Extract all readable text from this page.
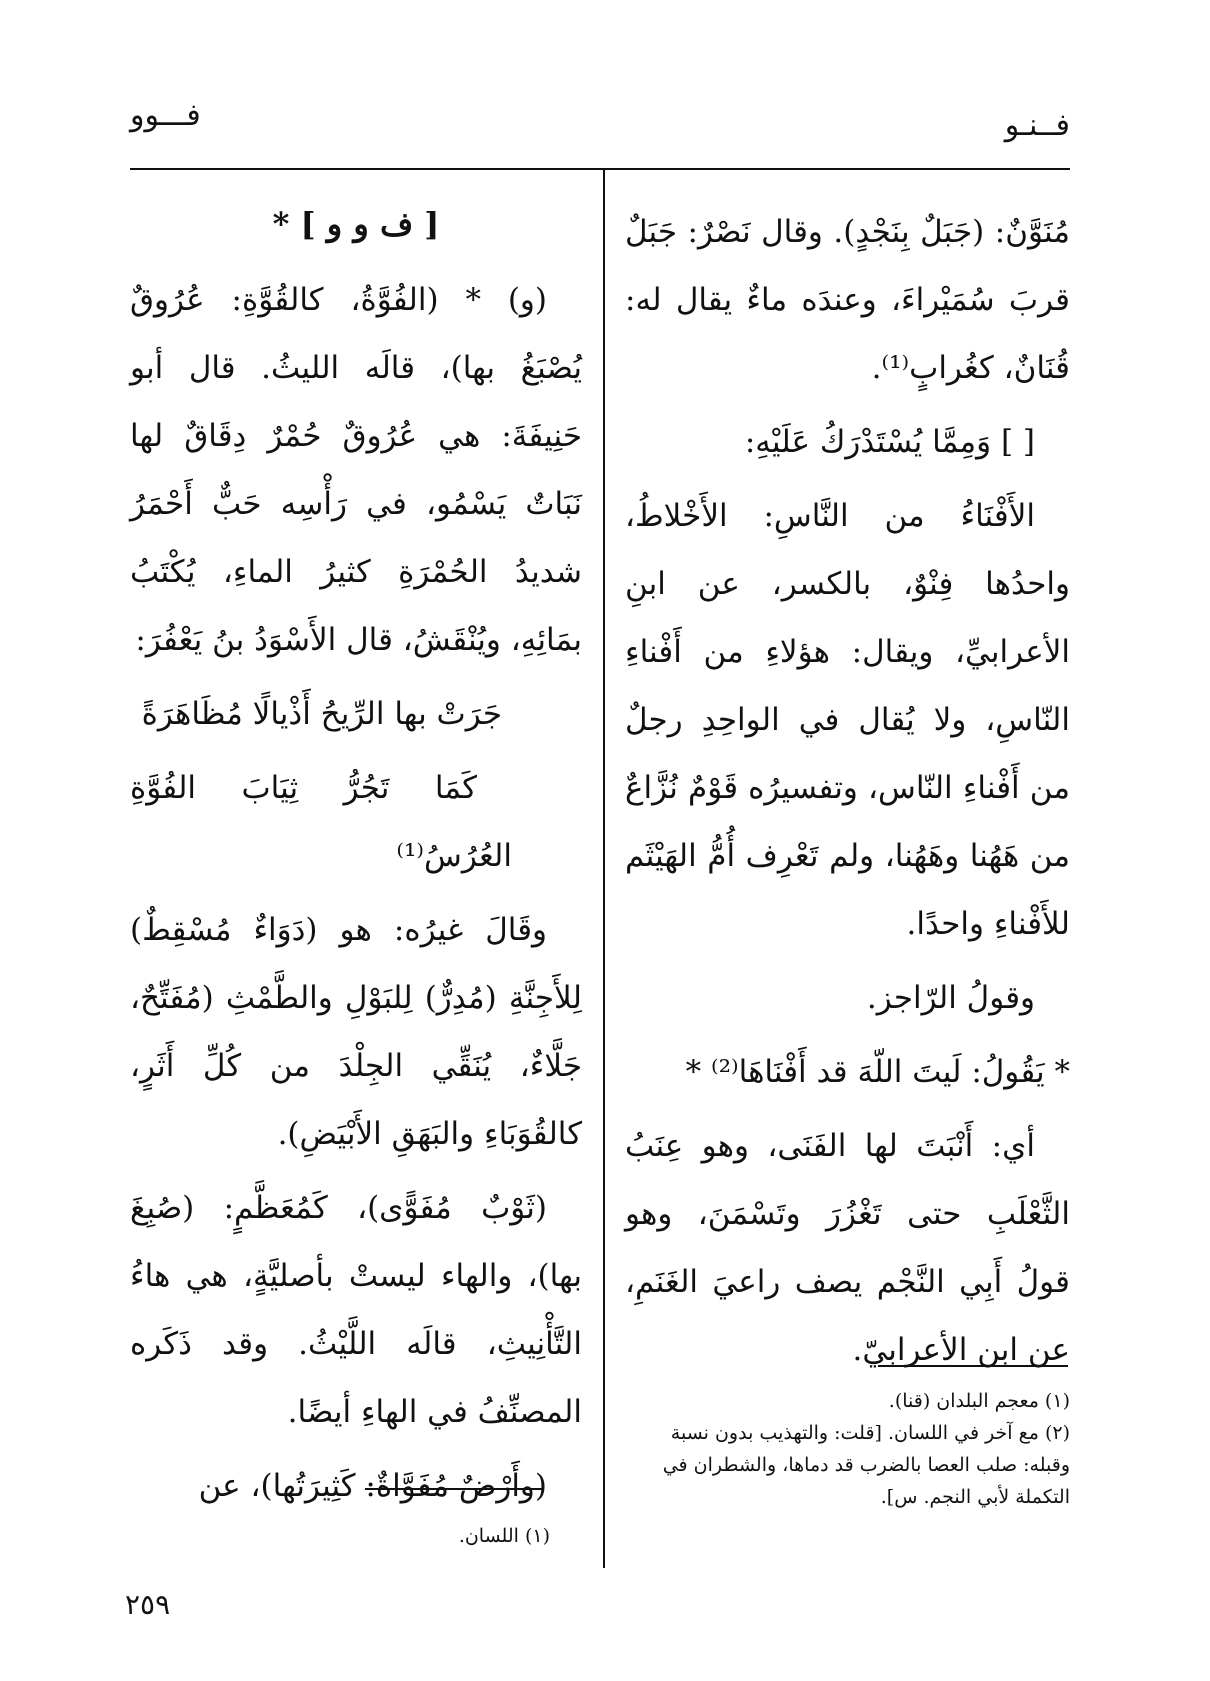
فــنـو
فـــوو

مُنَوَّنٌ: (جَبَلٌ بِنَجْدٍ). وقال نَصْرٌ: جَبَلٌ قربَ سُمَيْراءَ، وعندَه ماءٌ يقال له: قُنَانٌ، كغُرابٍ⁽¹⁾.

[ ] وَمِمَّا يُسْتَدْرَكُ عَلَيْهِ:

الأَفْنَاءُ من النَّاسِ: الأَخْلاطُ، واحدُها فِنْوٌ، بالكسر، عن ابنِ الأعرابيِّ، ويقال: هؤلاءِ من أَفْناءِ النّاسِ، ولا يُقال في الواحِدِ رجلٌ من أَفْناءِ النّاس، وتفسيرُه قَوْمٌ نُزَّاعٌ من هَهُنا وهَهُنا، ولم تَعْرِف أُمُّ الهَيْثَم للأَفْناءِ واحدًا.

وقولُ الرّاجز.

* يَقُولُ: لَيتَ اللّهَ قد أَفْنَاهَا⁽²⁾ *

أي: أَنْبَتَ لها الفَنَى، وهو عِنَبُ الثَّعْلَبِ حتى تَغْزُرَ وتَسْمَنَ، وهو قولُ أَبِي النَّجْم يصف راعيَ الغَنَمِ، عن ابن الأعرابيّ.

(١) معجم البلدان (قنا).

(٢) مع آخر في اللسان. [قلت: والتهذيب بدون نسبة وقبله: صلب العصا بالضرب قد دماها، والشطران في التكملة لأبي النجم. س].

[ ف و و ] *

(و) * (الفُوَّةُ، كالقُوَّةِ: عُرُوقٌ يُصْبَغُ بها)، قالَه الليثُ. قال أبو حَنِيفَةَ: هي عُرُوقٌ حُمْرٌ دِقَاقٌ لها نَبَاتٌ يَسْمُو، في رَأْسِه حَبٌّ أَحْمَرُ شديدُ الحُمْرَةِ كثيرُ الماءِ، يُكْتَبُ بمَائِهِ، ويُنْقَشُ، قال الأَسْوَدُ بنُ يَعْفُرَ:

جَرَتْ بها الرِّيحُ أَذْيالًا مُظَاهَرَةً

كَمَا تَجُرُّ ثِيَابَ الفُوَّةِ العُرُسُ⁽¹⁾

وقَالَ غيرُه: هو (دَوَاءٌ مُسْقِطٌ) لِلأَجِنَّةِ (مُدِرٌّ) لِلبَوْلِ والطَّمْثِ (مُفَتِّحٌ، جَلَّاءٌ، يُنَقِّي الجِلْدَ من كُلِّ أَثَرٍ، كالقُوَبَاءِ والبَهَقِ الأَبْيَضِ).

(ثَوْبٌ مُفَوًّى)، كَمُعَظَّمٍ: (صُبِغَ بها)، والهاء ليستْ بأصليَّةٍ، هي هاءُ التَّأْنِيثِ، قالَه اللَّيْثُ. وقد ذَكَره المصنِّفُ في الهاءِ أيضًا.

(وأَرْضٌ مُفَوَّاةٌ: كَثِيرَتُها)، عن

(١) اللسان.

٢٥٩
